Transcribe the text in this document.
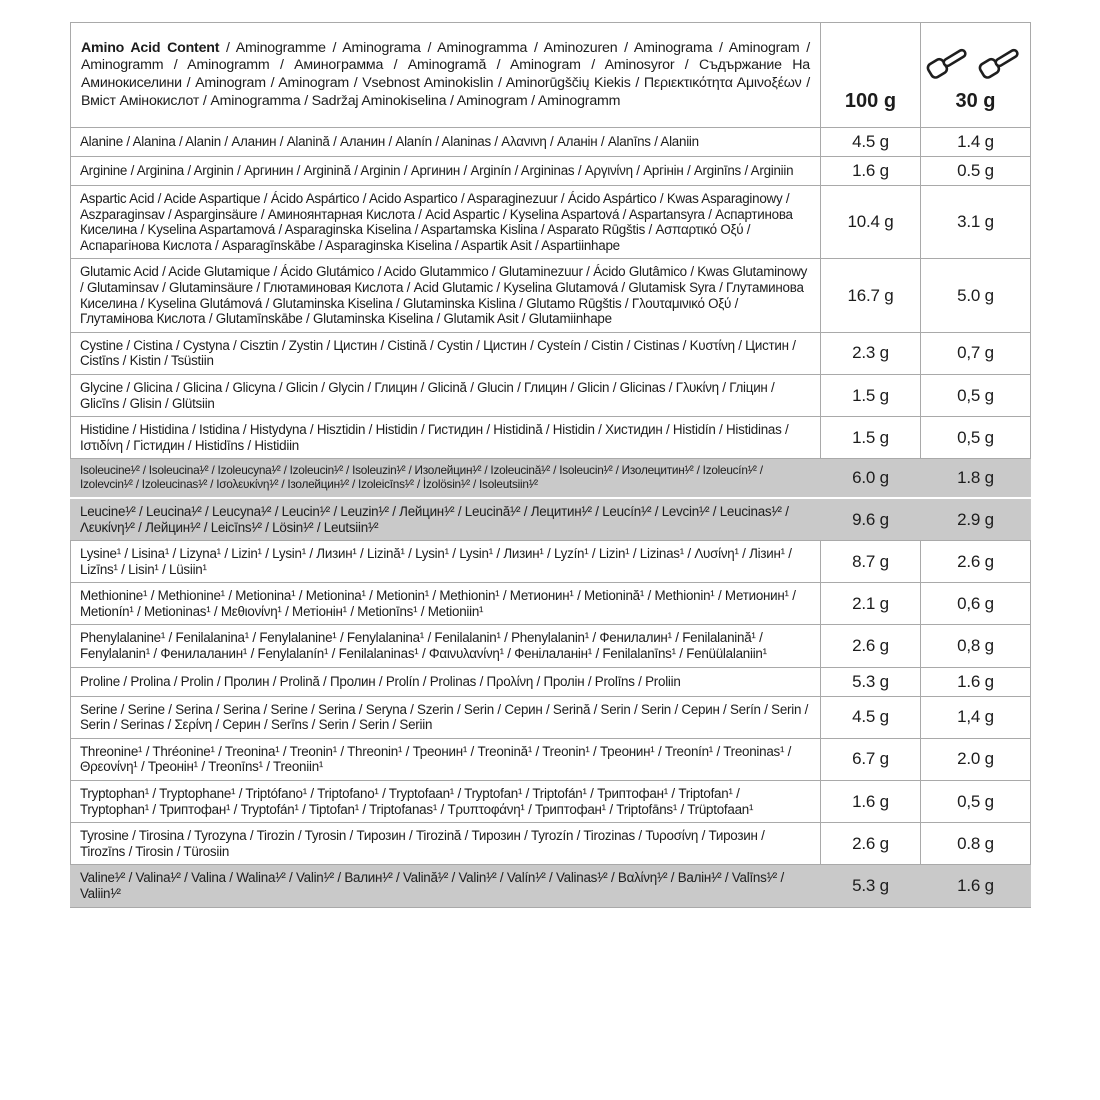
Amino Acid Content / Aminogramme / Aminograma / Aminogramma / Aminozuren / Aminograma / Aminogram / Aminogramm / Aminogramm / Аминограмма / Aminogramă / Aminogram / Aminosyror / Съдържание На Аминокиселини / Aminogram / Aminogram / Vsebnost Aminokislin / Aminorūgščių Kiekis / Περιεκτικότητα Αμινοξέων / Вміст Амінокислот / Aminogramma / Sadržaj Aminokiselina / Aminogram / Aminogramm	100 g	30 g

Alanine / Alanina / Alanin / Аланин / Alanină / Аланин / Alanín / Alaninas / Αλανινη / Аланін / Alanīns / Alaniin	4.5 g	1.4 g
Arginine / Arginina / Arginin / Аргинин / Arginină / Arginin / Аргинин / Arginín / Argininas / Αργινίνη / Аргінін / Arginīns / Arginiin	1.6 g	0.5 g
Aspartic Acid / Acide Aspartique / Ácido Aspártico / Acido Aspartico / Asparaginezuur / Ácido Aspártico / Kwas Asparaginowy / Aszparaginsav / Asparginsäure / Аминоянтарная Кислота / Acid Aspartic / Kyselina Aspartová / Aspartansyra / Аспартинова Киселина / Kyselina Aspartamová / Asparaginska Kiselina / Aspartamska Kislina / Asparato Rūgštis / Ασπαρτικό Οξύ / Аспарагінова Кислота / Asparagīnskābe / Asparaginska Kiselina / Aspartik Asit / Aspartiinhape	10.4 g	3.1 g
Glutamic Acid / Acide Glutamique / Ácido Glutámico / Acido Glutammico / Glutaminezuur / Ácido Glutâmico / Kwas Glutaminowy / Glutaminsav / Glutaminsäure / Глютаминовая Кислота / Acid Glutamic / Kyselina Glutamová / Glutamisk Syra / Глутаминова Киселина / Kyselina Glutámová / Glutaminska Kiselina / Glutaminska Kislina / Glutamo Rūgštis / Γλουταμινικό Οξύ / Глутамінова Кислота / Glutamīnskābe / Glutaminska Kiselina / Glutamik Asit / Glutamiinhape	16.7 g	5.0 g
Cystine / Cistina / Cystyna / Cisztin / Zystin / Цистин / Cistină / Cystin / Цистин / Cysteín / Cistin / Cistinas / Κυστίνη / Цистин / Cistīns / Kistin / Tsüstiin	2.3 g	0,7 g
Glycine / Glicina / Glicina / Glicyna / Glicin / Glycin / Глицин / Glicină / Glucin / Глицин / Glicin / Glicinas / Γλυκίνη / Гліцин / Glicīns / Glisin / Glütsiin	1.5 g	0,5 g
Histidine / Histidina / Istidina / Histydyna / Hisztidin / Histidin / Гистидин / Histidină / Histidin / Хистидин / Histidín / Histidinas / Ιστιδίνη / Гістидин / Histidīns / Histidiin	1.5 g	0,5 g
Isoleucine¹⁄² / Isoleucina¹⁄² / Izoleucyna¹⁄² / Izoleucin¹⁄² / Isoleuzin¹⁄² / Изолейцин¹⁄² / Izoleucină¹⁄² / Isoleucin¹⁄² / Изолецитин¹⁄² / Izoleucín¹⁄² / Izolevcin¹⁄² / Izoleucinas¹⁄² / Ισολευκίνη¹⁄² / Ізолейцин¹⁄² / Izoleicīns¹⁄² / İzolösin¹⁄² / Isoleutsiin¹⁄²	6.0 g	1.8 g
Leucine¹⁄² / Leucina¹⁄² / Leucyna¹⁄² / Leucin¹⁄² / Leuzin¹⁄² / Лейцин¹⁄² / Leucină¹⁄² / Лецитин¹⁄² / Leucín¹⁄² / Levcin¹⁄² / Leucinas¹⁄² / Λευκίνη¹⁄² / Лейцин¹⁄² / Leicīns¹⁄² / Lösin¹⁄² / Leutsiin¹⁄²	9.6 g	2.9 g
Lysine¹ / Lisina¹ / Lizyna¹ / Lizin¹ / Lysin¹ / Лизин¹ / Lizină¹ / Lysin¹ / Lysin¹ / Лизин¹ / Lyzín¹ / Lizin¹ / Lizinas¹ / Λυσίνη¹ / Лізин¹ / Lizīns¹ / Lisin¹ / Lüsiin¹	8.7 g	2.6 g
Methionine¹ / Methionine¹ / Metionina¹ / Metionina¹ / Metionin¹ / Methionin¹ / Метионин¹ / Metionină¹ / Methionin¹ / Метионин¹ / Metionín¹ / Metioninas¹ / Μεθιονίνη¹ / Метіонін¹ / Metionīns¹ / Metioniin¹	2.1 g	0,6 g
Phenylalanine¹ / Fenilalanina¹ / Fenylalanine¹ / Fenylalanina¹ / Fenilalanin¹ / Phenylalanin¹ / Фенилалин¹ / Fenilalanină¹ / Fenylalanin¹ / Фенилаланин¹ / Fenylalanín¹ / Fenilalaninas¹ / Φαινυλανίνη¹ / Фенілаланін¹ / Fenilalanīns¹ / Fenüülalaniin¹	2.6 g	0,8 g
Proline / Prolina / Prolin / Пролин / Prolină / Пролин / Prolín / Prolinas / Προλίνη / Пролін / Prolīns / Proliin	5.3 g	1.6 g
Serine / Serine / Serina / Serina / Serine / Serina / Seryna / Szerin / Serin / Серин / Serină / Serin / Serin / Серин / Serín / Serin / Serin / Serinas / Σερίνη / Серин / Serīns / Serin / Serin / Seriin	4.5 g	1,4 g
Threonine¹ / Thréonine¹ / Treonina¹ / Treonin¹ / Threonin¹ / Треонин¹ / Treonină¹ / Treonin¹ / Треонин¹ / Treonín¹ / Treoninas¹ / Θρεονίνη¹ / Треонін¹ / Treonīns¹ / Treoniin¹	6.7 g	2.0 g
Tryptophan¹ / Tryptophane¹ / Triptófano¹ / Triptofano¹ / Tryptofaan¹ / Tryptofan¹ / Triptofán¹ / Триптофан¹ / Triptofan¹ / Tryptophan¹ / Триптофан¹ / Tryptofán¹ / Tiptofan¹ / Triptofanas¹ / Τρυπτοφάνη¹ / Триптофан¹ / Triptofāns¹ / Trüptofaan¹	1.6 g	0,5 g
Tyrosine / Tirosina / Tyrozyna / Tirozin / Tyrosin / Тирозин / Tirozină / Тирозин / Tyrozín / Tirozinas / Τυροσίνη / Тирозин / Tirozīns / Tirosin / Türosiin	2.6 g	0.8 g
Valine¹⁄² / Valina¹⁄² / Valina / Walina¹⁄² / Valin¹⁄² / Валин¹⁄² / Valină¹⁄² / Valin¹⁄² / Valín¹⁄² / Valinas¹⁄² / Βαλίνη¹⁄² / Валін¹⁄² / Valīns¹⁄² / Valiin¹⁄²	5.3 g	1.6 g
